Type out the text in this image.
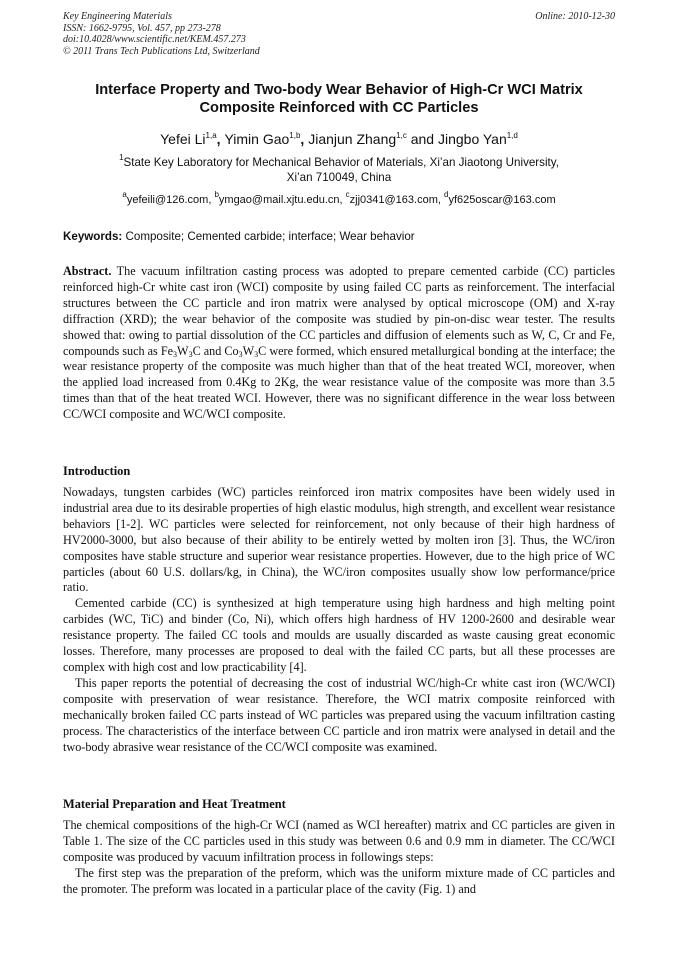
Key Engineering Materials
ISSN: 1662-9795, Vol. 457, pp 273-278
doi:10.4028/www.scientific.net/KEM.457.273
© 2011 Trans Tech Publications Ltd, Switzerland
Online: 2010-12-30
Interface Property and Two-body Wear Behavior of High-Cr WCI Matrix
Composite Reinforced with CC Particles
Yefei Li$^{1,a}$, Yimin Gao$^{1,b}$, Jianjun Zhang$^{1,c}$ and Jingbo Yan$^{1,d}$
$^1$State Key Laboratory for Mechanical Behavior of Materials, Xi’an Jiaotong University,
Xi’an 710049, China
$^a$yefeili@126.com, $^b$ymgao@mail.xjtu.edu.cn, $^c$zjj0341@163.com, $^d$yf625oscar@163.com
Keywords: Composite; Cemented carbide; interface; Wear behavior

Abstract. The vacuum infiltration casting process was adopted to prepare cemented carbide (CC) particles reinforced high-Cr white cast iron (WCI) composite by using failed CC parts as reinforcement. The interfacial structures between the CC particle and iron matrix were analysed by optical microscope (OM) and X-ray diffraction (XRD); the wear behavior of the composite was studied by pin-on-disc wear tester. The results showed that: owing to partial dissolution of the CC particles and diffusion of elements such as W, C, Cr and Fe, compounds such as $Fe_3W_3C$ and $Co_3W_3C$ were formed, which ensured metallurgical bonding at the interface; the wear resistance property of the composite was much higher than that of the heat treated WCI, moreover, when the applied load increased from 0.4Kg to 2Kg, the wear resistance value of the composite was more than 3.5 times than that of the heat treated WCI. However, there was no significant difference in the wear loss between CC/WCI composite and WC/WCI composite.

Introduction

Nowadays, tungsten carbides (WC) particles reinforced iron matrix composites have been widely used in industrial area due to its desirable properties of high elastic modulus, high strength, and excellent wear resistance behaviors [1-2]. WC particles were selected for reinforcement, not only because of their high hardness of HV2000-3000, but also because of their ability to be entirely wetted by molten iron [3]. Thus, the WC/iron composites have stable structure and superior wear resistance properties. However, due to the high price of WC particles (about 60 U.S. dollars/kg, in China), the WC/iron composites usually show low performance/price ratio.

Cemented carbide (CC) is synthesized at high temperature using high hardness and high melting point carbides (WC, TiC) and binder (Co, Ni), which offers high hardness of HV 1200-2600 and desirable wear resistance property. The failed CC tools and moulds are usually discarded as waste causing great economic losses. Therefore, many processes are proposed to deal with the failed CC parts, but all these processes are complex with high cost and low practicability [4].

This paper reports the potential of decreasing the cost of industrial WC/high-Cr white cast iron (WC/WCI) composite with preservation of wear resistance. Therefore, the WCI matrix composite reinforced with mechanically broken failed CC parts instead of WC particles was prepared using the vacuum infiltration casting process. The characteristics of the interface between CC particle and iron matrix were analysed in detail and the two-body abrasive wear resistance of the CC/WCI composite was examined.

Material Preparation and Heat Treatment

The chemical compositions of the high-Cr WCI (named as WCI hereafter) matrix and CC particles are given in Table 1. The size of the CC particles used in this study was between 0.6 and 0.9 mm in diameter. The CC/WCI composite was produced by vacuum infiltration process in followings steps:

The first step was the preparation of the preform, which was the uniform mixture made of CC particles and the promoter. The preform was located in a particular place of the cavity (Fig. 1) and
